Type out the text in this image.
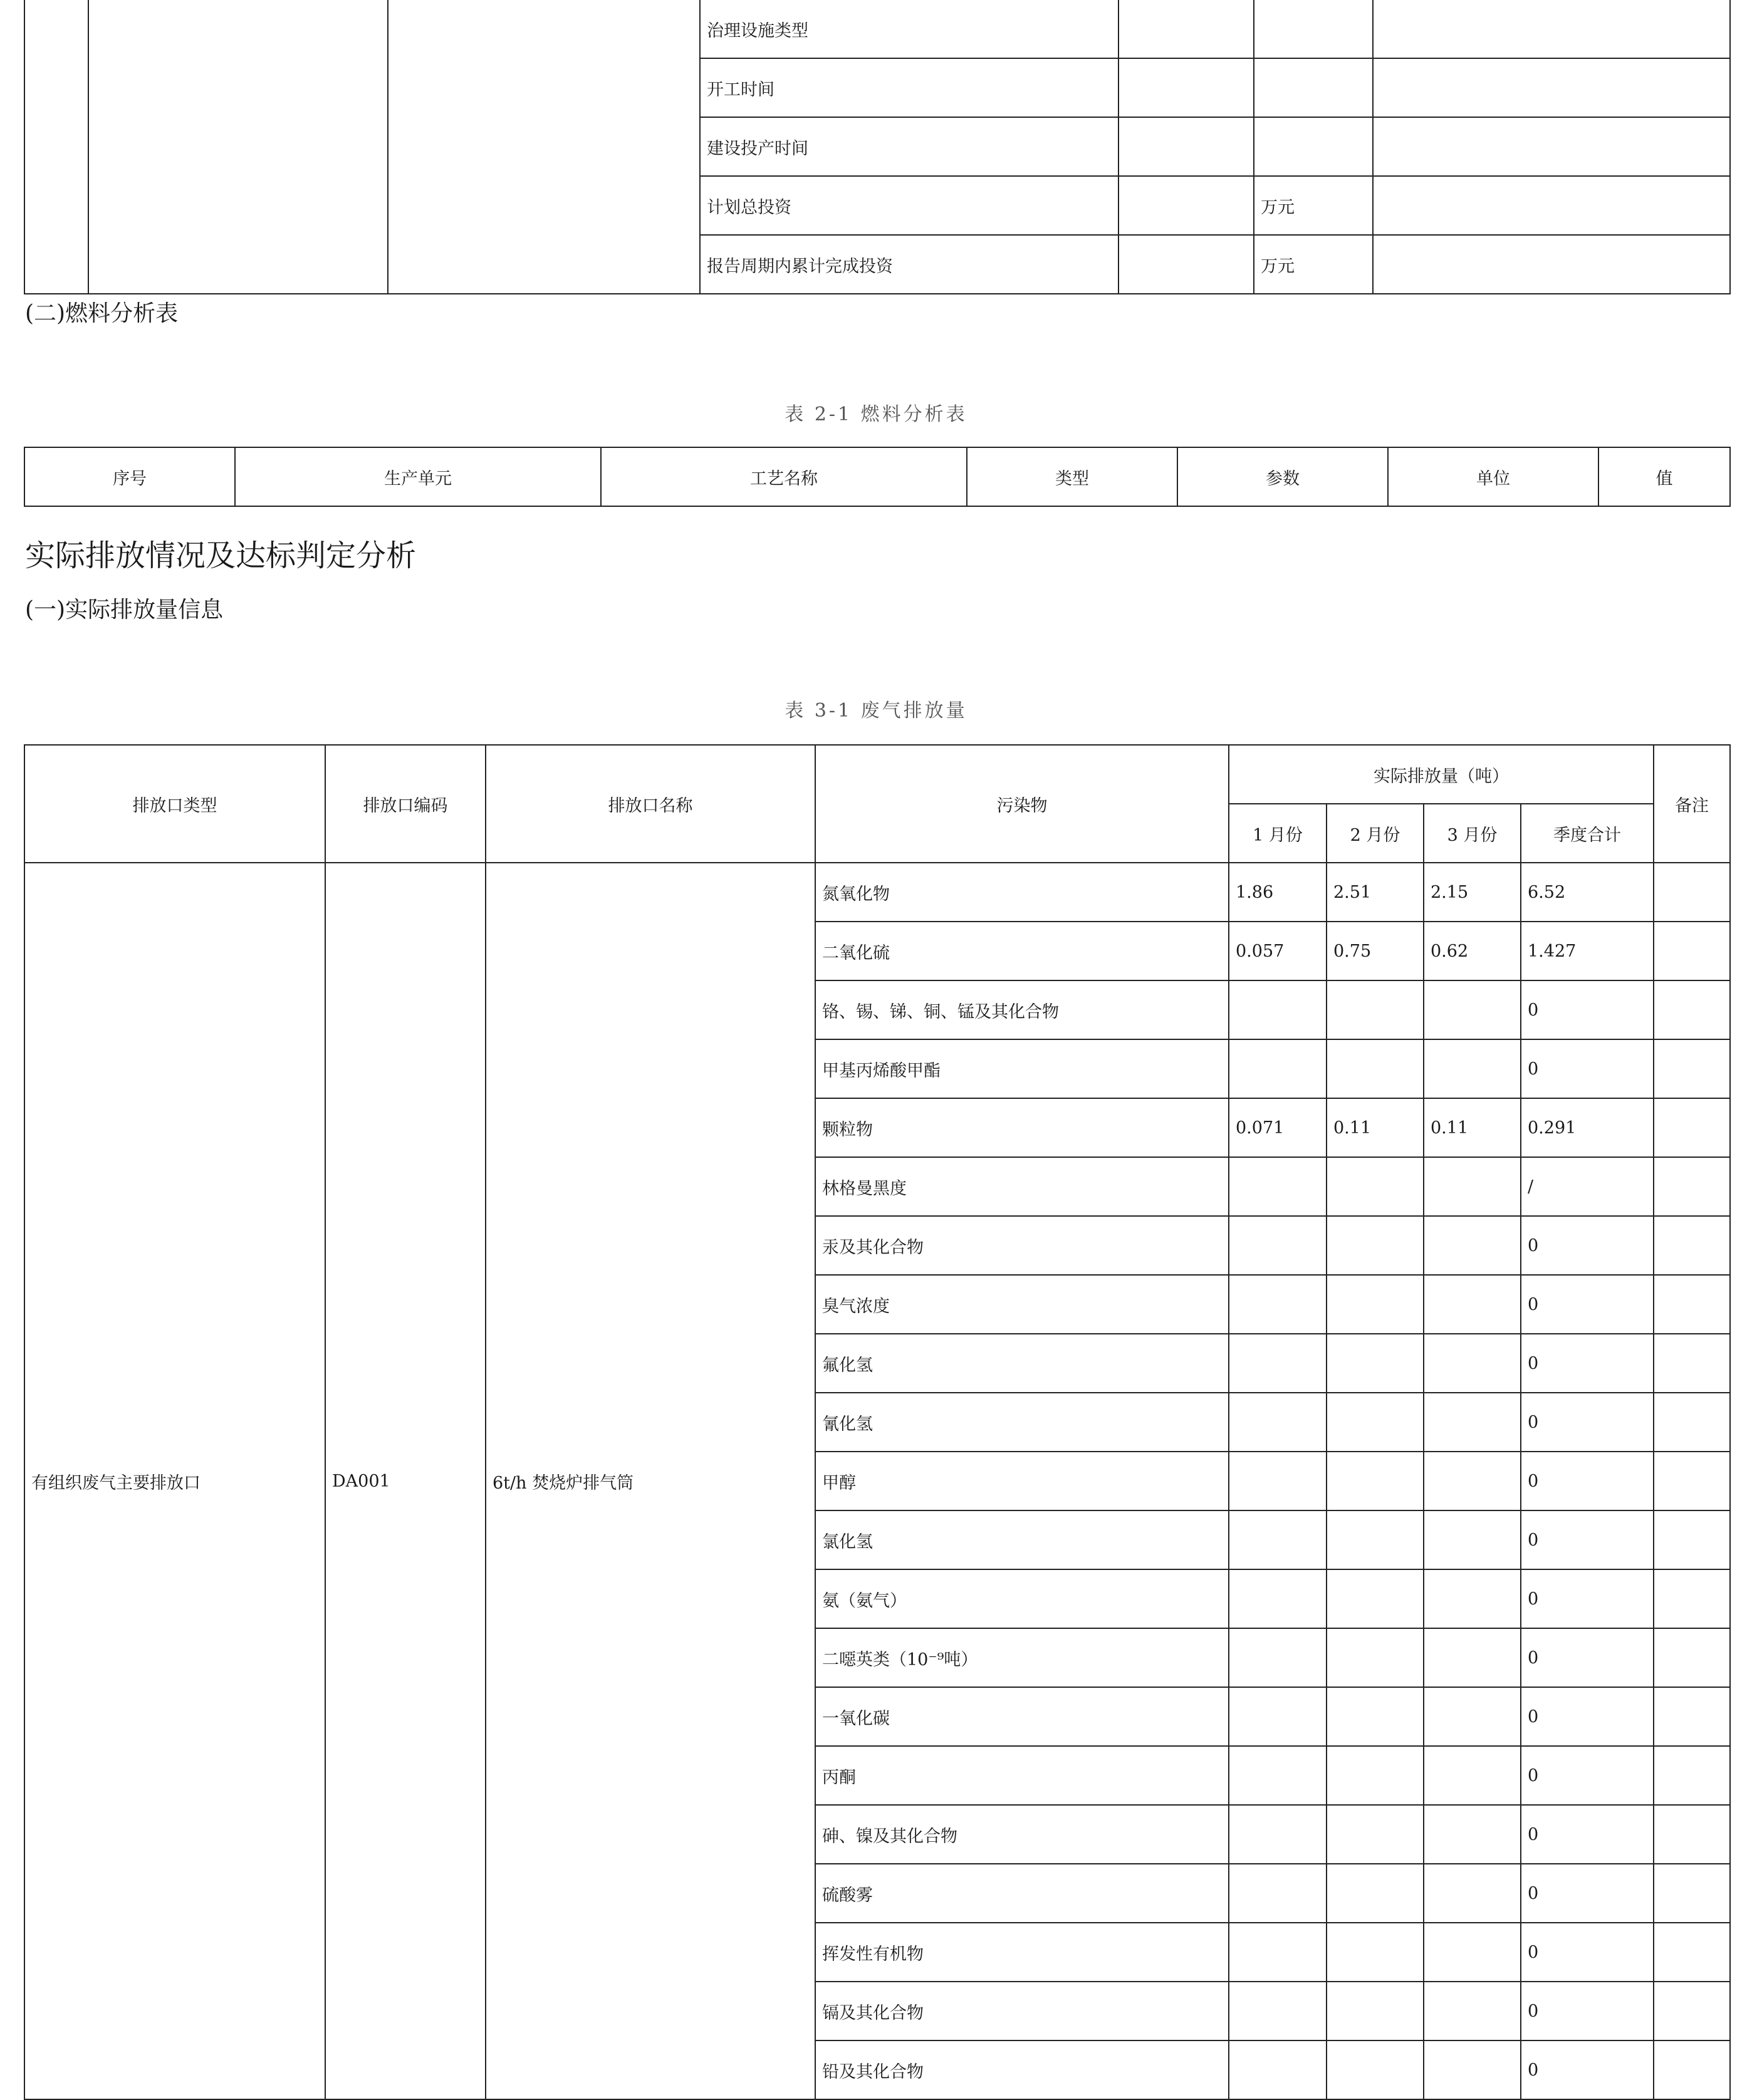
			治理设施类型			
			开工时间			
			建设投产时间			
			计划总投资		万元	
			报告周期内累计完成投资		万元	
(二)燃料分析表
表 2-1 燃料分析表
序号	生产单元	工艺名称	类型	参数	单位	值
实际排放情况及达标判定分析
(一)实际排放量信息
表 3-1 废气排放量
排放口类型	排放口编码	排放口名称	污染物	实际排放量（吨）				备注
				1 月份	2 月份	3 月份	季度合计	
有组织废气主要排放口	DA001	6t/h 焚烧炉排气筒	氮氧化物	1.86	2.51	2.15	6.52	
			二氧化硫	0.057	0.75	0.62	1.427	
			铬、锡、锑、铜、锰及其化合物				0	
			甲基丙烯酸甲酯				0	
			颗粒物	0.071	0.11	0.11	0.291	
			林格曼黑度				/	
			汞及其化合物				0	
			臭气浓度				0	
			氟化氢				0	
			氰化氢				0	
			甲醇				0	
			氯化氢				0	
			氨（氨气）				0	
			二噁英类（10⁻⁹吨）				0	
			一氧化碳				0	
			丙酮				0	
			砷、镍及其化合物				0	
			硫酸雾				0	
			挥发性有机物				0	
			镉及其化合物				0	
			铅及其化合物				0	
